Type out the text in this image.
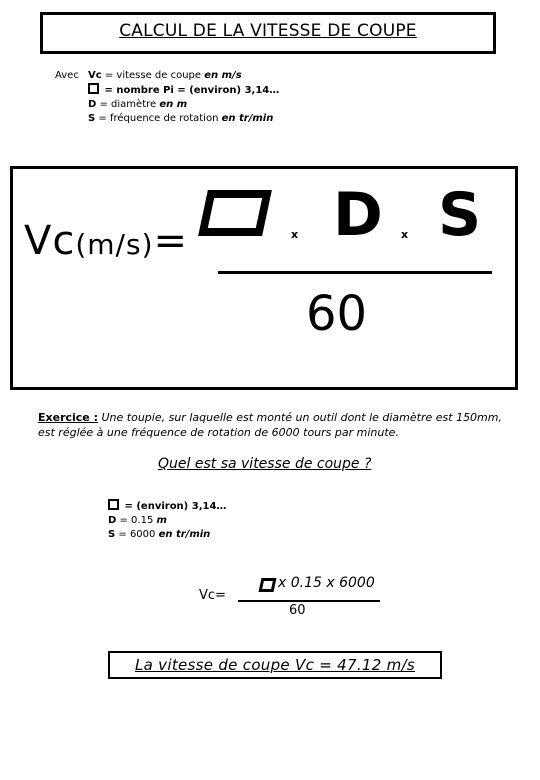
CALCUL DE LA VITESSE DE COUPE
Avec Vc = vitesse de coupe en m/s
= nombre Pi = (environ) 3,14…
D = diamètre en m
S = fréquence de rotation en tr/min
Vc(m/s)=	x D x S
60
Exercice : Une toupie, sur laquelle est monté un outil dont le diamètre est 150mm, est réglée à une fréquence de rotation de 6000 tours par minute.
Quel est sa vitesse de coupe ?
= (environ) 3,14…
D = 0.15 m
S = 6000 en tr/min
Vc=
x 0.15 x 6000
60
La vitesse de coupe Vc = 47.12 m/s
